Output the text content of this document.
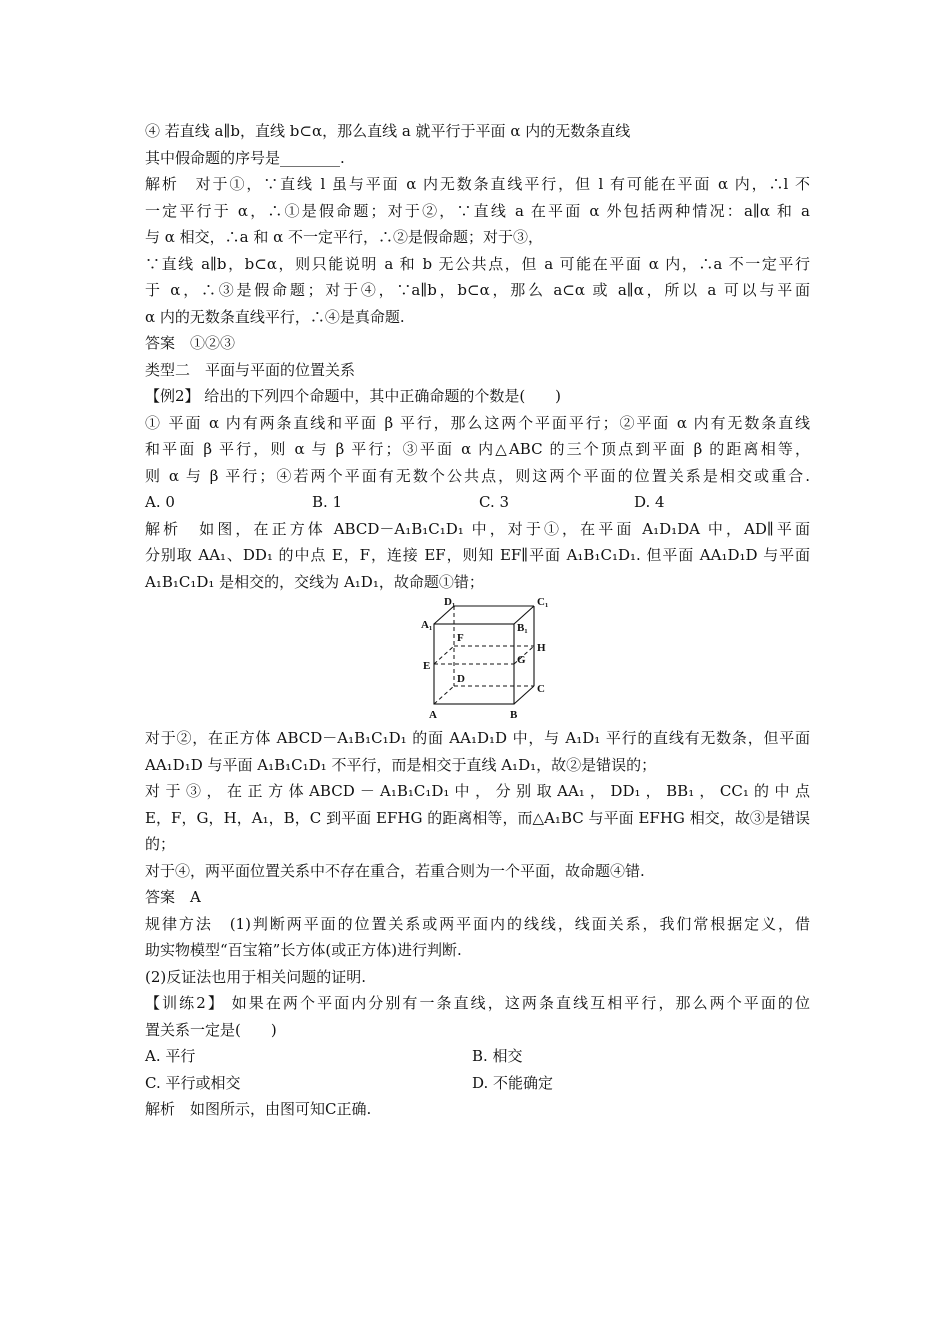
④ 若直线 a∥b，直线 b⊂α，那么直线 a 就平行于平面 α 内的无数条直线
其中假命题的序号是________.
解析　对于①，∵直线 l 虽与平面 α 内无数条直线平行，但 l 有可能在平面 α 内，∴l 不
一定平行于 α，∴①是假命题；对于②，∵直线 a 在平面 α 外包括两种情况：a∥α 和 a
与 α 相交，∴a 和 α 不一定平行，∴②是假命题；对于③，
∵直线 a∥b，b⊂α，则只能说明 a 和 b 无公共点，但 a 可能在平面 α 内，∴a 不一定平行
于 α，∴③是假命题；对于④，∵a∥b，b⊂α，那么 a⊂α 或 a∥α，所以 a 可以与平面
α 内的无数条直线平行，∴④是真命题.
答案　①②③
类型二　平面与平面的位置关系
【例2】 给出的下列四个命题中，其中正确命题的个数是(　　)
① 平面 α 内有两条直线和平面 β 平行，那么这两个平面平行；②平面 α 内有无数条直线
和平面 β 平行，则 α 与 β 平行；③平面 α 内△ABC 的三个顶点到平面 β 的距离相等，
则 α 与 β 平行；④若两个平面有无数个公共点，则这两个平面的位置关系是相交或重合.
A. 0	B. 1	C. 3	D. 4
解析　如图，在正方体 ABCD－A₁B₁C₁D₁ 中，对于①，在平面 A₁D₁DA 中，AD∥平面
分别取 AA₁、DD₁ 的中点 E，F，连接 EF，则知 EF∥平面 A₁B₁C₁D₁. 但平面 AA₁D₁D 与平面
A₁B₁C₁D₁ 是相交的，交线为 A₁D₁，故命题①错；
D₁	C₁
A₁	B₁
F
H
G
E
D
C
A	B
对于②，在正方体 ABCD－A₁B₁C₁D₁ 的面 AA₁D₁D 中，与 A₁D₁ 平行的直线有无数条，但平面
AA₁D₁D 与平面 A₁B₁C₁D₁ 不平行，而是相交于直线 A₁D₁，故②是错误的；
对 于 ③ ， 在 正 方 体 ABCD － A₁B₁C₁D₁ 中 ， 分 别 取 AA₁ ， DD₁ ， BB₁ ， CC₁ 的 中 点
E，F，G，H，A₁，B，C 到平面 EFHG 的距离相等，而△A₁BC 与平面 EFHG 相交，故③是错误
的；
对于④，两平面位置关系中不存在重合，若重合则为一个平面，故命题④错.
答案　A
规律方法　(1)判断两平面的位置关系或两平面内的线线，线面关系，我们常根据定义，借
助实物模型“百宝箱”长方体(或正方体)进行判断.
(2)反证法也用于相关问题的证明.
【训练2】 如果在两个平面内分别有一条直线，这两条直线互相平行，那么两个平面的位
置关系一定是(　　)
A. 平行	B. 相交
C. 平行或相交	D. 不能确定
解析　如图所示，由图可知C正确.
